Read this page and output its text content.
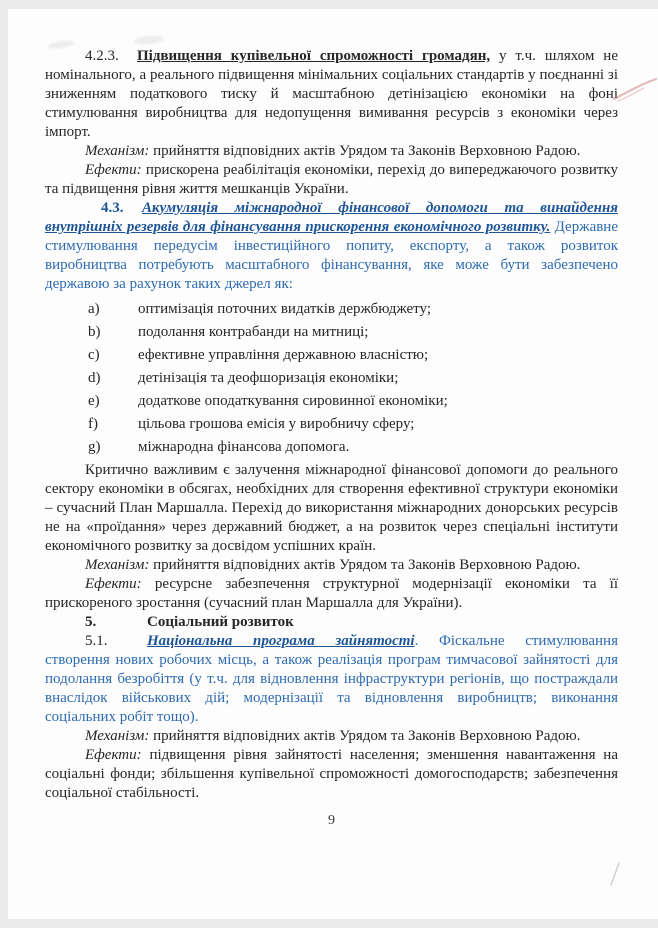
4.2.3. Підвищення купівельної спроможності громадян, у т.ч. шляхом не номінального, а реального підвищення мінімальних соціальних стандартів у поєднанні зі зниженням податкового тиску й масштабною детінізацією економіки на фоні стимулювання виробництва для недопущення вимивання ресурсів з економіки через імпорт.

Механізм: прийняття відповідних актів Урядом та Законів Верховною Радою.

Ефекти: прискорена реабілітація економіки, перехід до випереджаючого розвитку та підвищення рівня життя мешканців України.

4.3. Акумуляція міжнародної фінансової допомоги та винайдення внутрішніх резервів для фінансування прискорення економічного розвитку. Державне стимулювання передусім інвестиційного попиту, експорту, а також розвиток виробництва потребують масштабного фінансування, яке може бути забезпечено державою за рахунок таких джерел як:

a)	оптимізація поточних видатків держбюджету;
b)	подолання контрабанди на митниці;
c)	ефективне управління державною власністю;
d)	детінізація та деофшоризація економіки;
e)	додаткове оподаткування сировинної економіки;
f)	цільова грошова емісія у виробничу сферу;
g)	міжнародна фінансова допомога.

Критично важливим є залучення міжнародної фінансової допомоги до реального сектору економіки в обсягах, необхідних для створення ефективної структури економіки – сучасний План Маршалла. Перехід до використання міжнародних донорських ресурсів не на «проїдання» через державний бюджет, а на розвиток через спеціальні інститути економічного розвитку за досвідом успішних країн.

Механізм: прийняття відповідних актів Урядом та Законів Верховною Радою.

Ефекти: ресурсне забезпечення структурної модернізації економіки та її прискореного зростання (сучасний план Маршалла для України).

5.	Соціальний розвиток

5.1.	Національна програма зайнятості. Фіскальне стимулювання створення нових робочих місць, а також реалізація програм тимчасової зайнятості для подолання безробіття (у т.ч. для відновлення інфраструктури регіонів, що постраждали внаслідок військових дій; модернізації та відновлення виробництв; виконання соціальних робіт тощо).

Механізм: прийняття відповідних актів Урядом та Законів Верховною Радою.

Ефекти: підвищення рівня зайнятості населення; зменшення навантаження на соціальні фонди; збільшення купівельної спроможності домогосподарств; забезпечення соціальної стабільності.

9
